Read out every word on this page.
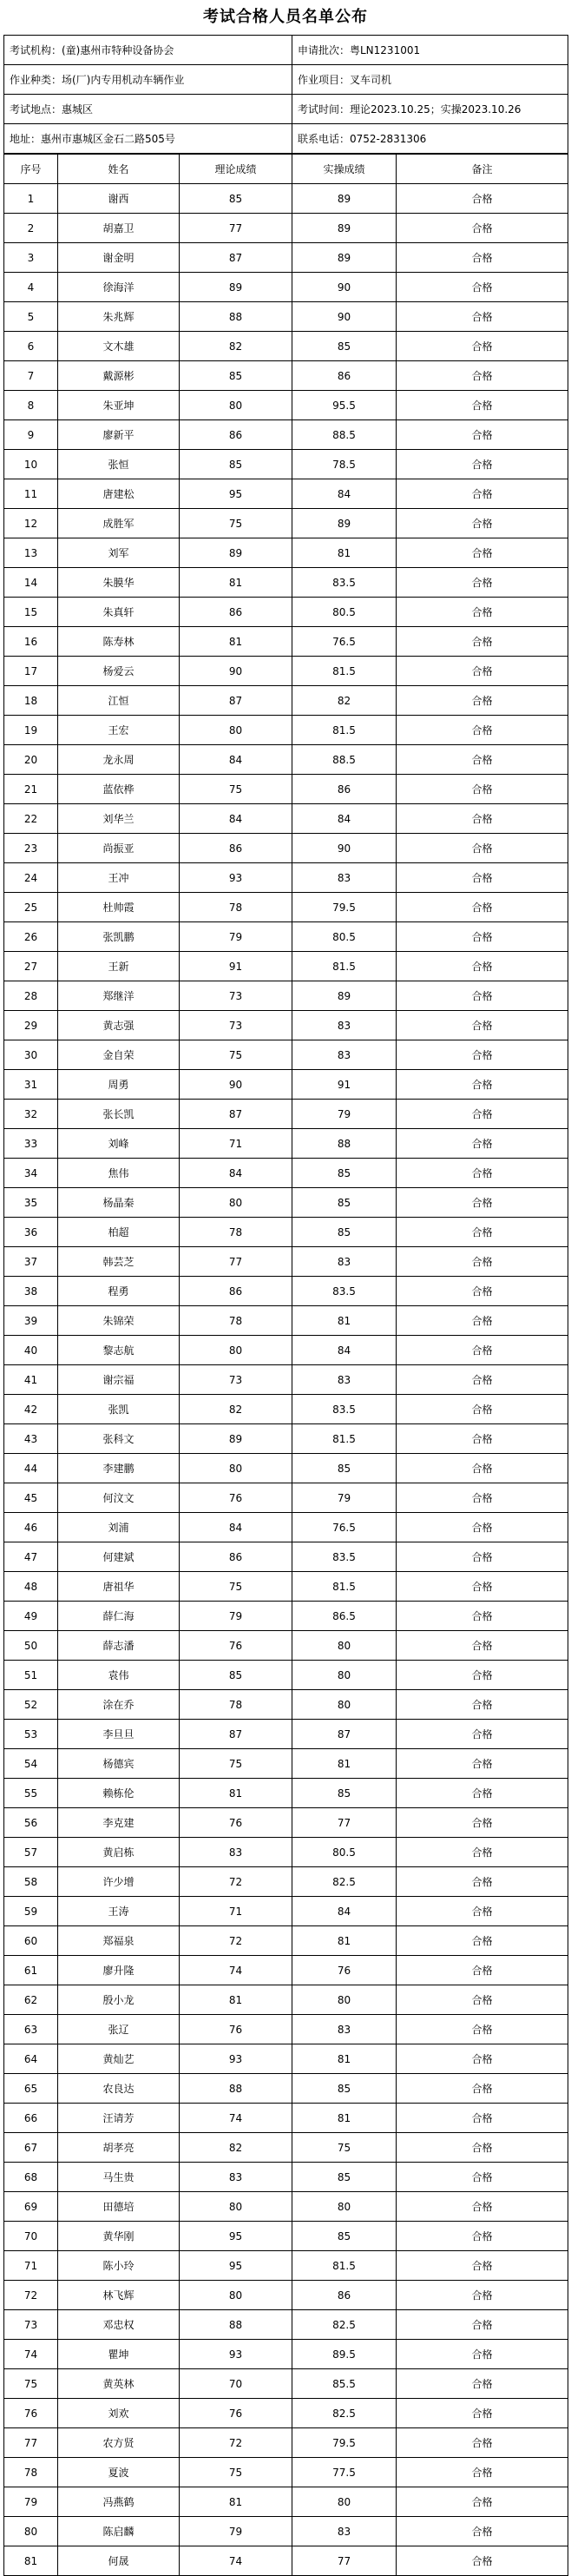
考试合格人员名单公布
考试机构：(童)惠州市特种设备协会	申请批次：粤LN1231001
作业种类：场(厂)内专用机动车辆作业	作业项目：叉车司机
考试地点：惠城区	考试时间：理论2023.10.25；实操2023.10.26
地址：惠州市惠城区金石二路505号	联系电话：0752-2831306
序号	姓名	理论成绩	实操成绩	备注
1	谢西	85	89	合格
2	胡嘉卫	77	89	合格
3	谢金明	87	89	合格
4	徐海洋	89	90	合格
5	朱兆辉	88	90	合格
6	文木雄	82	85	合格
7	戴源彬	85	86	合格
8	朱亚坤	80	95.5	合格
9	廖新平	86	88.5	合格
10	张恒	85	78.5	合格
11	唐建松	95	84	合格
12	成胜军	75	89	合格
13	刘军	89	81	合格
14	朱膜华	81	83.5	合格
15	朱真轩	86	80.5	合格
16	陈寿林	81	76.5	合格
17	杨爱云	90	81.5	合格
18	江恒	87	82	合格
19	王宏	80	81.5	合格
20	龙永周	84	88.5	合格
21	蓝依桦	75	86	合格
22	刘华兰	84	84	合格
23	尚振亚	86	90	合格
24	王冲	93	83	合格
25	杜帅霞	78	79.5	合格
26	张凯鹏	79	80.5	合格
27	王新	91	81.5	合格
28	郑继洋	73	89	合格
29	黄志强	73	83	合格
30	金自荣	75	83	合格
31	周勇	90	91	合格
32	张长凯	87	79	合格
33	刘峰	71	88	合格
34	焦伟	84	85	合格
35	杨晶秦	80	85	合格
36	柏超	78	85	合格
37	韩芸芝	77	83	合格
38	程勇	86	83.5	合格
39	朱锦荣	78	81	合格
40	黎志航	80	84	合格
41	谢宗福	73	83	合格
42	张凯	82	83.5	合格
43	张科文	89	81.5	合格
44	李建鹏	80	85	合格
45	何汶文	76	79	合格
46	刘浦	84	76.5	合格
47	何建斌	86	83.5	合格
48	唐祖华	75	81.5	合格
49	薛仁海	79	86.5	合格
50	薛志潘	76	80	合格
51	袁伟	85	80	合格
52	涂在乔	78	80	合格
53	李旦旦	87	87	合格
54	杨德宾	75	81	合格
55	赖栋伦	81	85	合格
56	李克建	76	77	合格
57	黄启栋	83	80.5	合格
58	许少增	72	82.5	合格
59	王涛	71	84	合格
60	郑福泉	72	81	合格
61	廖升隆	74	76	合格
62	殷小龙	81	80	合格
63	张辽	76	83	合格
64	黄灿艺	93	81	合格
65	农良达	88	85	合格
66	汪请芳	74	81	合格
67	胡孝亮	82	75	合格
68	马生贵	83	85	合格
69	田德培	80	80	合格
70	黄华刚	95	85	合格
71	陈小玲	95	81.5	合格
72	林飞辉	80	86	合格
73	邓忠权	88	82.5	合格
74	瞿坤	93	89.5	合格
75	黄英林	70	85.5	合格
76	刘欢	76	82.5	合格
77	农方贤	72	79.5	合格
78	夏波	75	77.5	合格
79	冯燕鹤	81	80	合格
80	陈启麟	79	83	合格
81	何晟	74	77	合格
